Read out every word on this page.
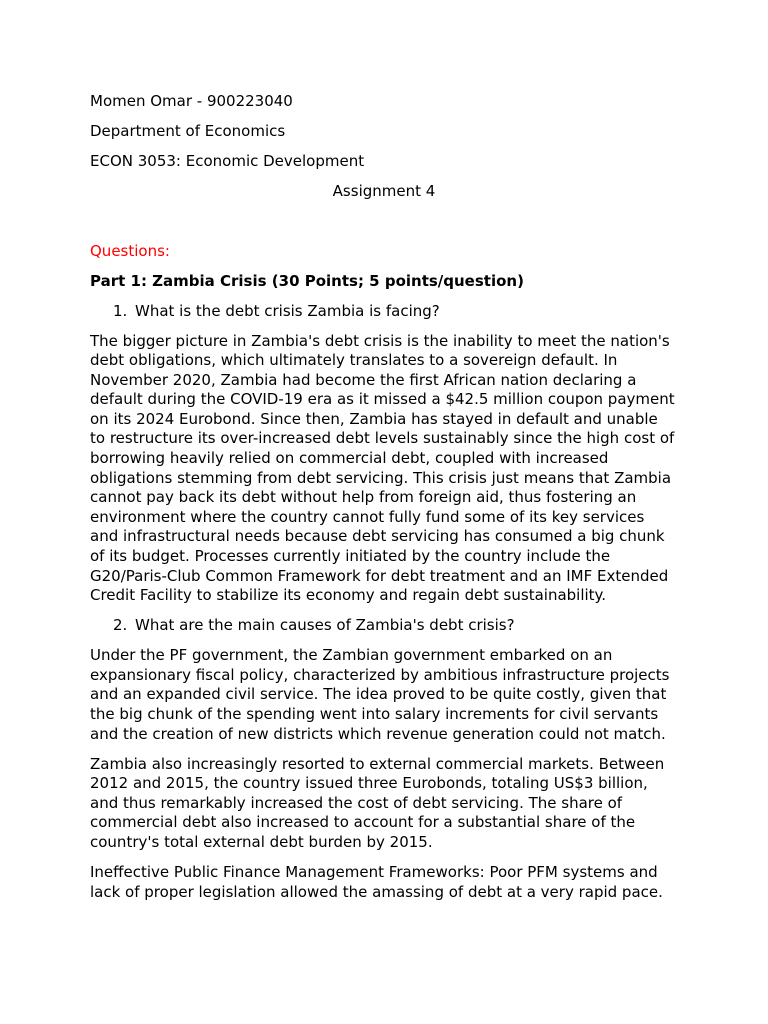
Momen Omar - 900223040

Department of Economics

ECON 3053: Economic Development

Assignment 4

Questions:

Part 1: Zambia Crisis (30 Points; 5 points/question)

1. What is the debt crisis Zambia is facing?

The bigger picture in Zambia's debt crisis is the inability to meet the nation's
debt obligations, which ultimately translates to a sovereign default. In
November 2020, Zambia had become the first African nation declaring a
default during the COVID-19 era as it missed a $42.5 million coupon payment
on its 2024 Eurobond. Since then, Zambia has stayed in default and unable
to restructure its over-increased debt levels sustainably since the high cost of
borrowing heavily relied on commercial debt, coupled with increased
obligations stemming from debt servicing. This crisis just means that Zambia
cannot pay back its debt without help from foreign aid, thus fostering an
environment where the country cannot fully fund some of its key services
and infrastructural needs because debt servicing has consumed a big chunk
of its budget. Processes currently initiated by the country include the
G20/Paris-Club Common Framework for debt treatment and an IMF Extended
Credit Facility to stabilize its economy and regain debt sustainability.

2. What are the main causes of Zambia's debt crisis?

Under the PF government, the Zambian government embarked on an
expansionary fiscal policy, characterized by ambitious infrastructure projects
and an expanded civil service. The idea proved to be quite costly, given that
the big chunk of the spending went into salary increments for civil servants
and the creation of new districts which revenue generation could not match.

Zambia also increasingly resorted to external commercial markets. Between
2012 and 2015, the country issued three Eurobonds, totaling US$3 billion,
and thus remarkably increased the cost of debt servicing. The share of
commercial debt also increased to account for a substantial share of the
country's total external debt burden by 2015.

Ineffective Public Finance Management Frameworks: Poor PFM systems and
lack of proper legislation allowed the amassing of debt at a very rapid pace.
